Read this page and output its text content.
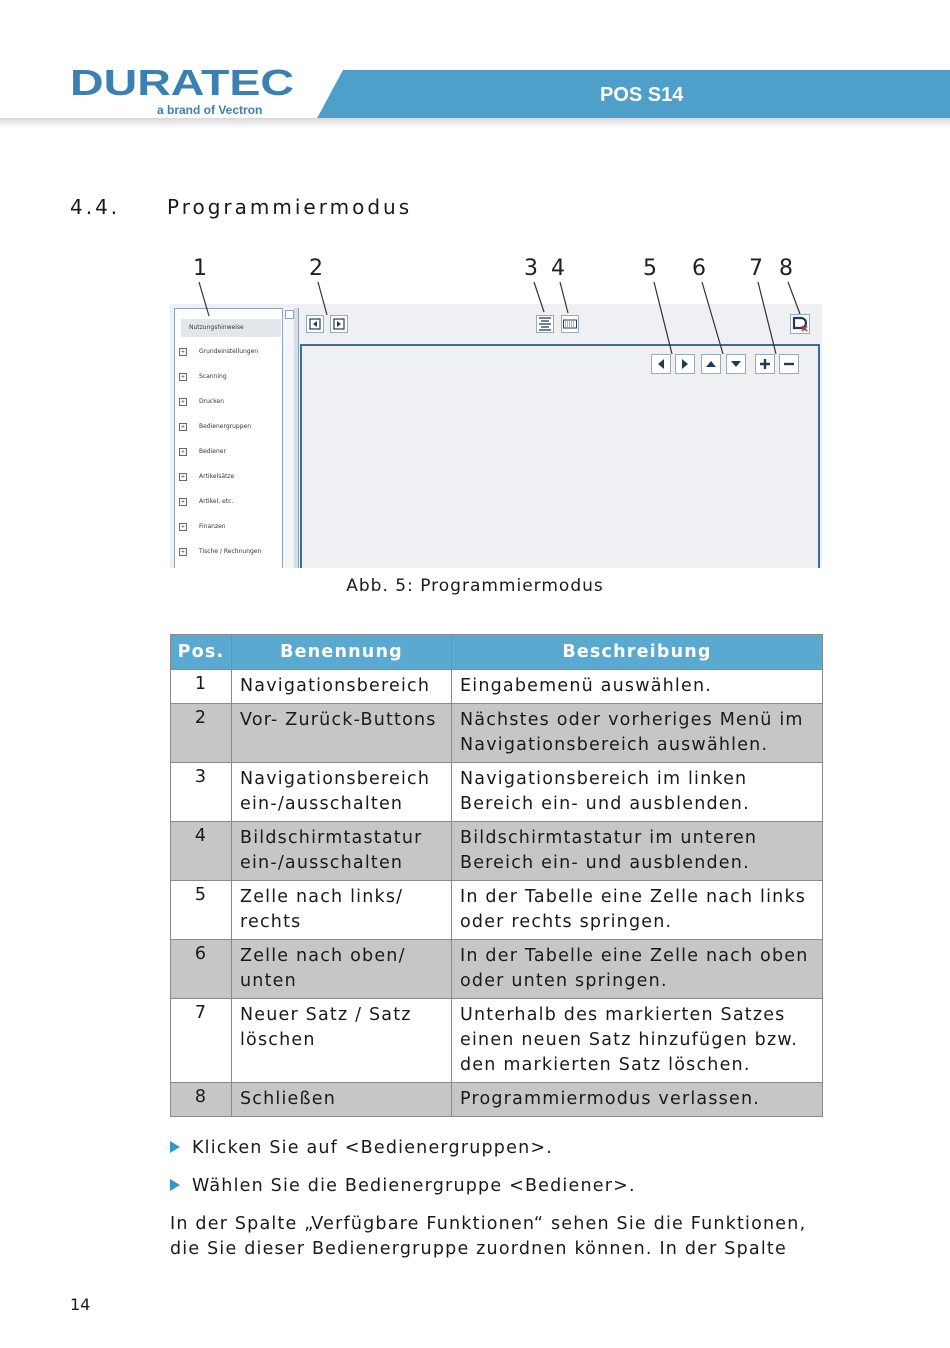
DURATEC
a brand of Vectron
POS S14
4.4. Programmiermodus
1	2	3 4	5 6 7 8
Nutzungshinweise
+ Grundeinstellungen
+ Scanning
+ Drucken
+ Bedienergruppen
+ Bediener
+ Artikelsätze
+ Artikel, etc.
+ Finanzen
+ Tische / Rechnungen
Abb. 5: Programmiermodus
Pos.	Benennung	Beschreibung
1	Navigationsbereich	Eingabemenü auswählen.
2	Vor- Zurück-Buttons	Nächstes oder vorheriges Menü im Navigationsbereich auswählen.
3	Navigationsbereich ein-/ausschalten	Navigationsbereich im linken Bereich ein- und ausblenden.
4	Bildschirmtastatur ein-/ausschalten	Bildschirmtastatur im unteren Bereich ein- und ausblenden.
5	Zelle nach links/ rechts	In der Tabelle eine Zelle nach links oder rechts springen.
6	Zelle nach oben/ unten	In der Tabelle eine Zelle nach oben oder unten springen.
7	Neuer Satz / Satz löschen	Unterhalb des markierten Satzes einen neuen Satz hinzufügen bzw. den markierten Satz löschen.
8	Schließen	Programmiermodus verlassen.
Klicken Sie auf <Bedienergruppen>.
Wählen Sie die Bedienergruppe <Bediener>.
In der Spalte „Verfügbare Funktionen“ sehen Sie die Funktionen, die Sie dieser Bedienergruppe zuordnen können. In der Spalte
14
